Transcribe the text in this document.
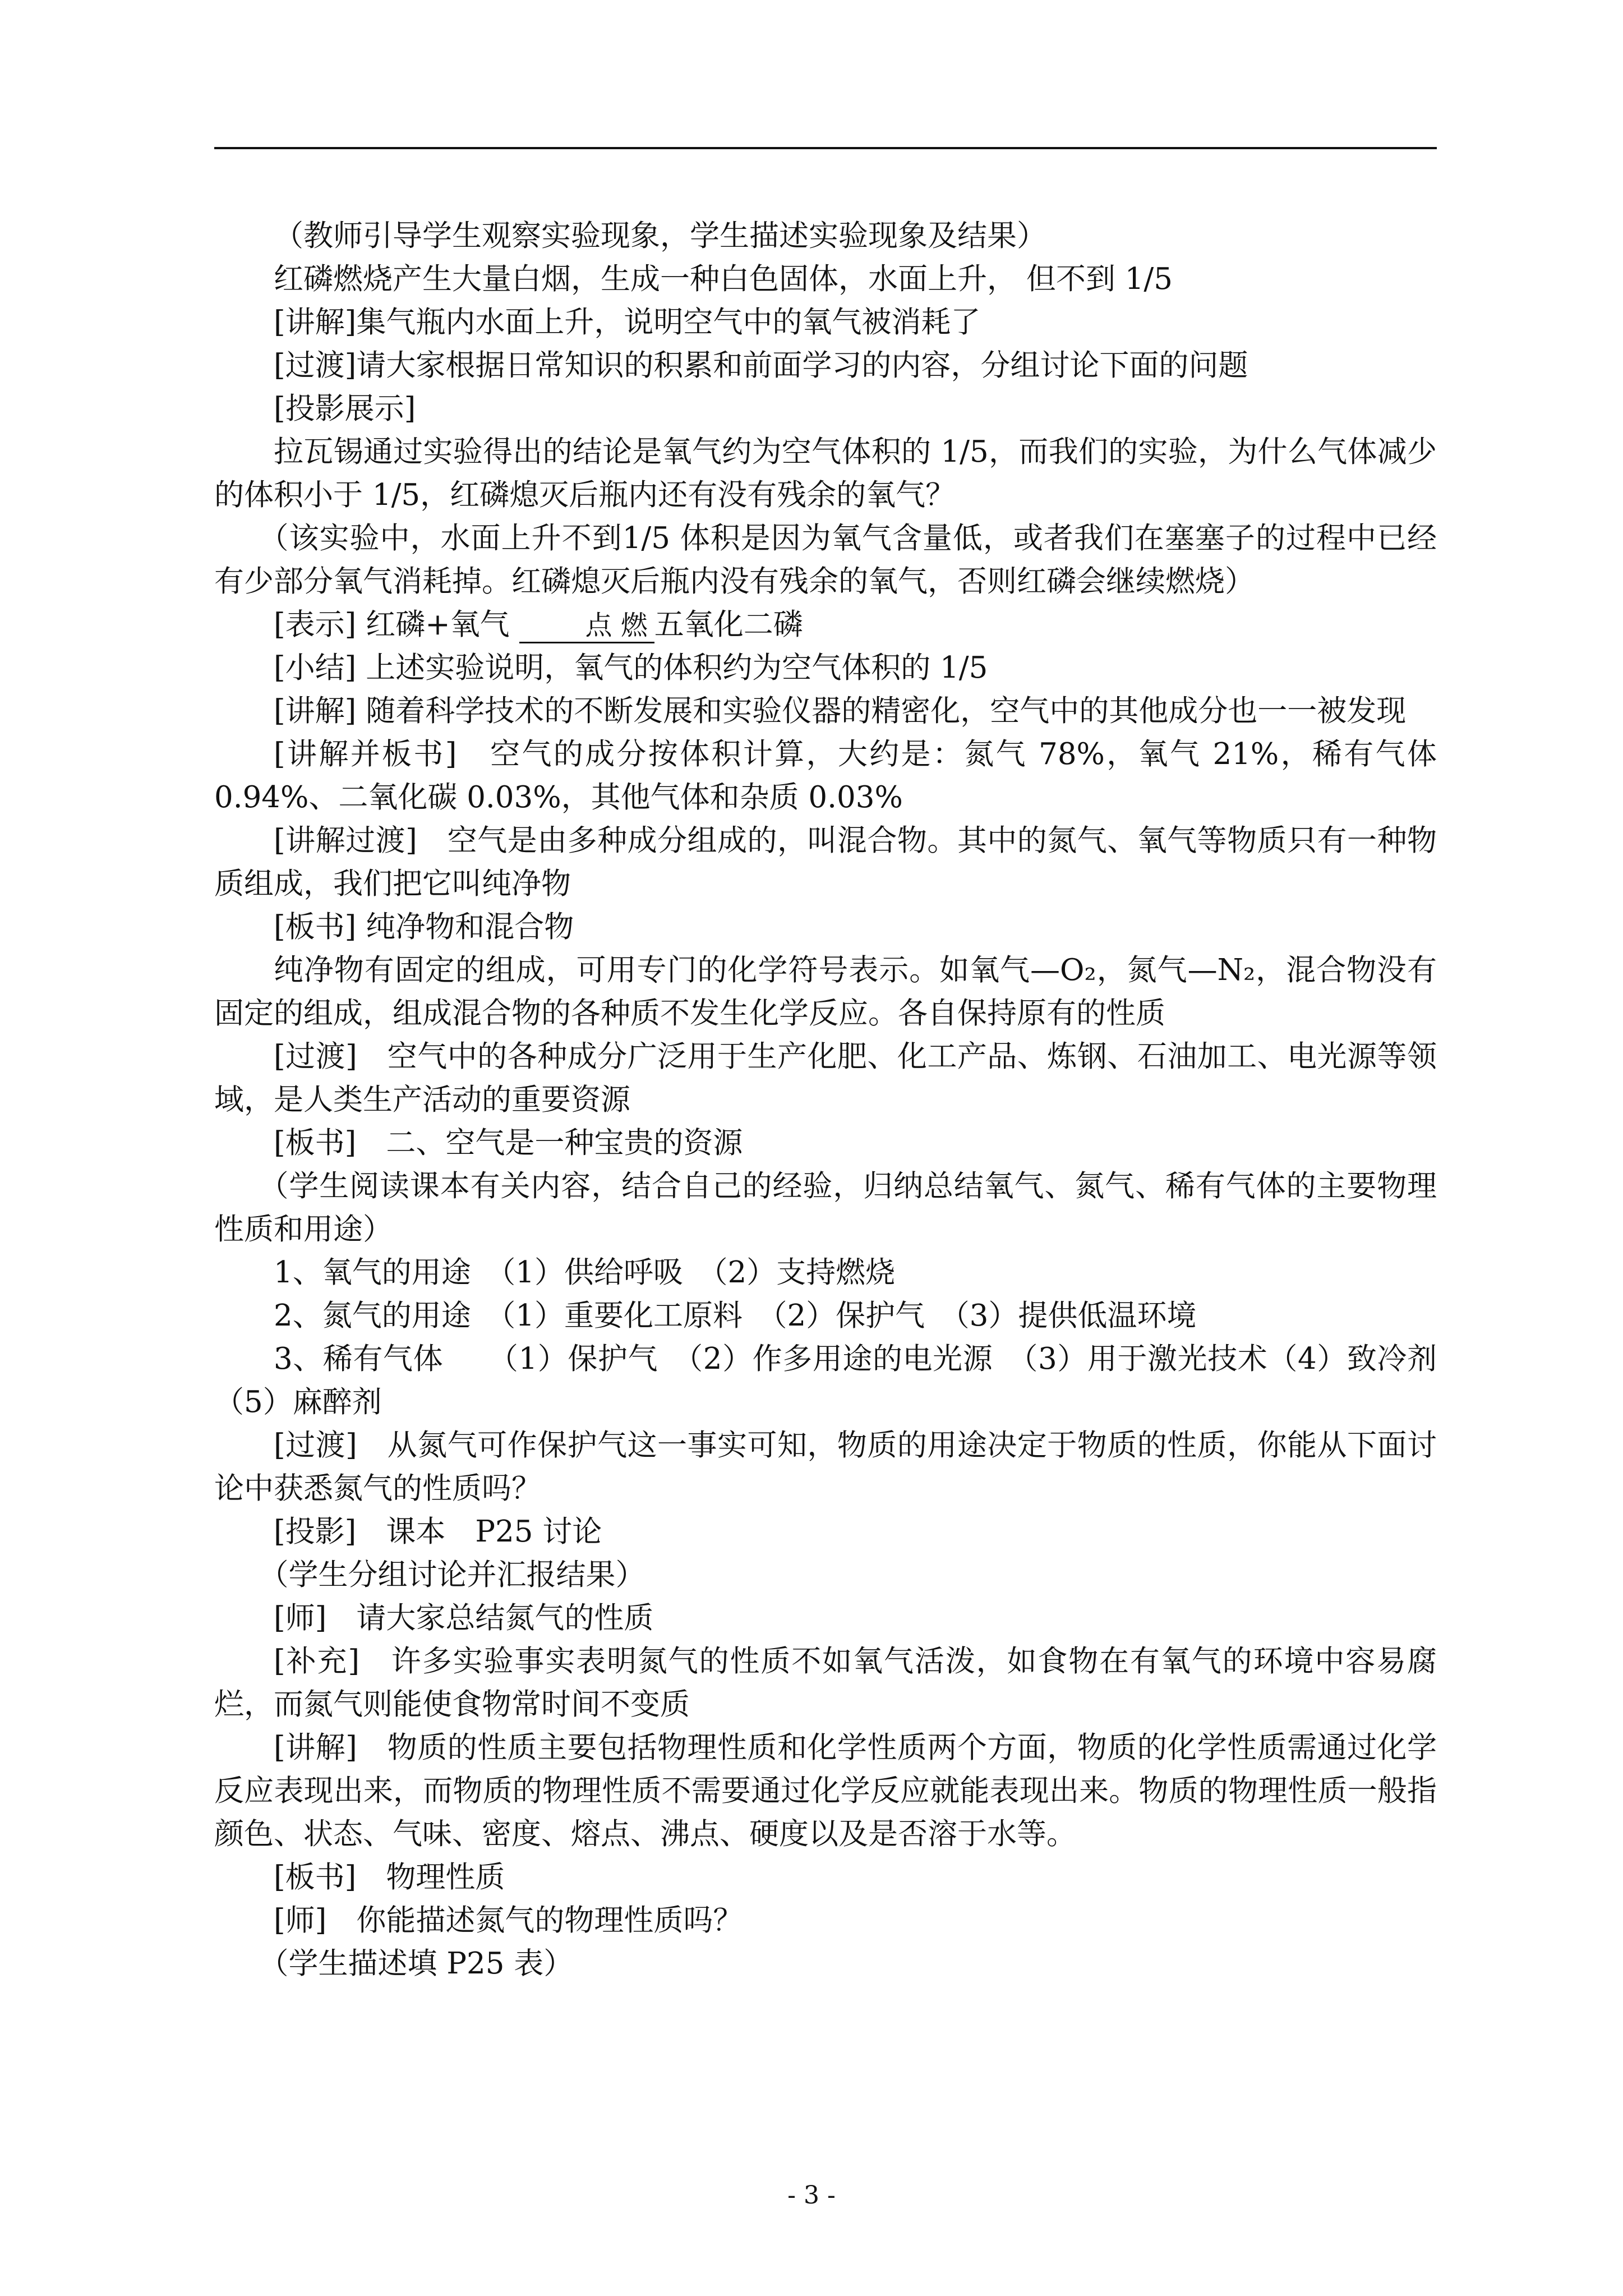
（教师引导学生观察实验现象，学生描述实验现象及结果）

红磷燃烧产生大量白烟，生成一种白色固体，水面上升， 但不到 1/5

[讲解]集气瓶内水面上升，说明空气中的氧气被消耗了

[过渡]请大家根据日常知识的积累和前面学习的内容，分组讨论下面的问题

[投影展示]

拉瓦锡通过实验得出的结论是氧气约为空气体积的 1/5，而我们的实验，为什么气体减少的体积小于 1/5，红磷熄灭后瓶内还有没有残余的氧气？

（该实验中，水面上升不到1/5 体积是因为氧气含量低，或者我们在塞塞子的过程中已经有少部分氧气消耗掉。红磷熄灭后瓶内没有残余的氧气，否则红磷会继续燃烧）

[表示] 红磷+氧气	点 燃 五氧化二磷

[小结] 上述实验说明，氧气的体积约为空气体积的 1/5

[讲解] 随着科学技术的不断发展和实验仪器的精密化，空气中的其他成分也一一被发现

[讲解并板书]　空气的成分按体积计算，大约是：氮气 78%，氧气 21%，稀有气体 0.94%、二氧化碳 0.03%，其他气体和杂质 0.03%

[讲解过渡]　空气是由多种成分组成的，叫混合物。其中的氮气、氧气等物质只有一种物质组成，我们把它叫纯净物

[板书] 纯净物和混合物

纯净物有固定的组成，可用专门的化学符号表示。如氧气—O₂，氮气—N₂，混合物没有固定的组成，组成混合物的各种质不发生化学反应。各自保持原有的性质

[过渡]　空气中的各种成分广泛用于生产化肥、化工产品、炼钢、石油加工、电光源等领域，是人类生产活动的重要资源

[板书]　二、空气是一种宝贵的资源

（学生阅读课本有关内容，结合自己的经验，归纳总结氧气、氮气、稀有气体的主要物理性质和用途）

1、氧气的用途　（1）供给呼吸　（2）支持燃烧

2、氮气的用途　（1）重要化工原料　（2）保护气　（3）提供低温环境

3、稀有气体　　（1）保护气　（2）作多用途的电光源　（3）用于激光技术（4）致冷剂　（5）麻醉剂

[过渡]　从氮气可作保护气这一事实可知，物质的用途决定于物质的性质，你能从下面讨论中获悉氮气的性质吗？

[投影]　课本　P25 讨论

（学生分组讨论并汇报结果）

[师]　请大家总结氮气的性质

[补充]　许多实验事实表明氮气的性质不如氧气活泼，如食物在有氧气的环境中容易腐烂，而氮气则能使食物常时间不变质

[讲解]　物质的性质主要包括物理性质和化学性质两个方面，物质的化学性质需通过化学反应表现出来，而物质的物理性质不需要通过化学反应就能表现出来。物质的物理性质一般指颜色、状态、气味、密度、熔点、沸点、硬度以及是否溶于水等。

[板书]　物理性质

[师]　你能描述氮气的物理性质吗？

（学生描述填 P25 表）

- 3 -
